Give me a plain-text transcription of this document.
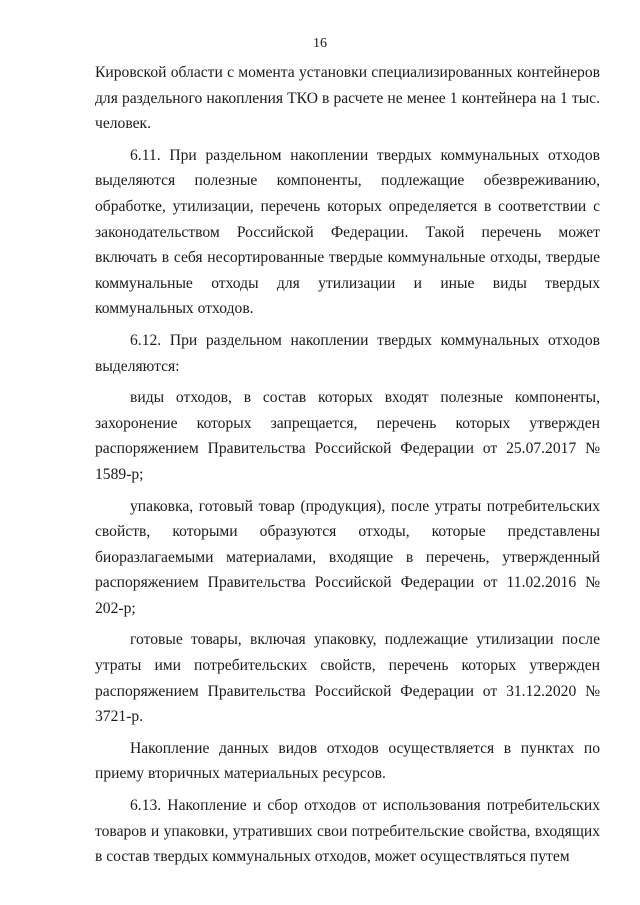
16

Кировской области с момента установки специализированных контейнеров для раздельного накопления ТКО в расчете не менее 1 контейнера на 1 тыс. человек.

6.11. При раздельном накоплении твердых коммунальных отходов выделяются полезные компоненты, подлежащие обезвреживанию, обработке, утилизации, перечень которых определяется в соответствии с законодательством Российской Федерации. Такой перечень может включать в себя несортированные твердые коммунальные отходы, твердые коммунальные отходы для утилизации и иные виды твердых коммунальных отходов.

6.12. При раздельном накоплении твердых коммунальных отходов выделяются:

виды отходов, в состав которых входят полезные компоненты, захоронение которых запрещается, перечень которых утвержден распоряжением Правительства Российской Федерации от 25.07.2017 № 1589-р;

упаковка, готовый товар (продукция), после утраты потребительских свойств, которыми образуются отходы, которые представлены биоразлагаемыми материалами, входящие в перечень, утвержденный распоряжением Правительства Российской Федерации от 11.02.2016 № 202-р;

готовые товары, включая упаковку, подлежащие утилизации после утраты ими потребительских свойств, перечень которых утвержден распоряжением Правительства Российской Федерации от 31.12.2020 № 3721-р.

Накопление данных видов отходов осуществляется в пунктах по приему вторичных материальных ресурсов.

6.13. Накопление и сбор отходов от использования потребительских товаров и упаковки, утративших свои потребительские свойства, входящих в состав твердых коммунальных отходов, может осуществляться путем
